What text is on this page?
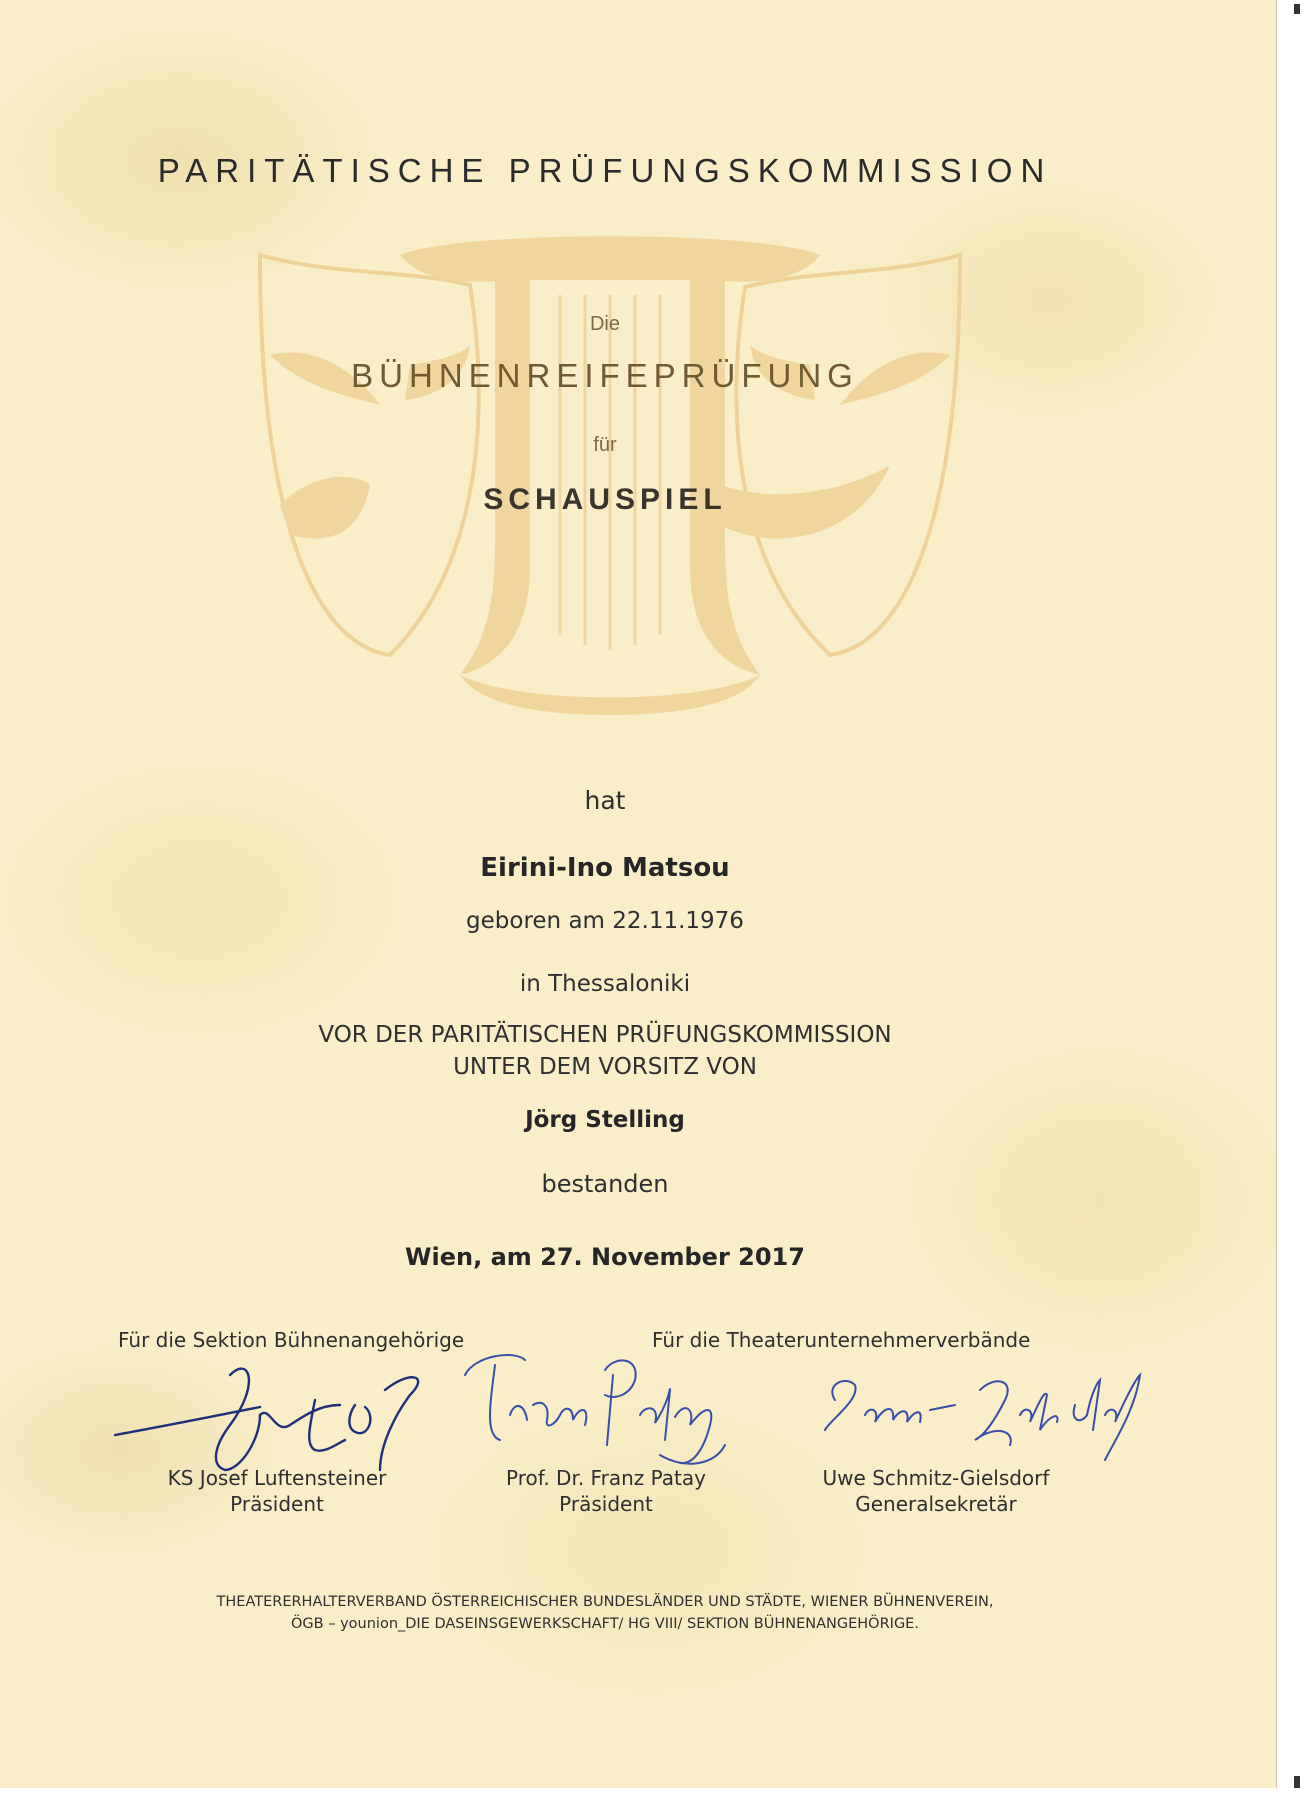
PARITÄTISCHE PRÜFUNGSKOMMISSION
Die
BÜHNENREIFEPRÜFUNG
für
SCHAUSPIEL
hat
Eirini-Ino Matsou
geboren am 22.11.1976
in Thessaloniki
VOR DER PARITÄTISCHEN PRÜFUNGSKOMMISSION
UNTER DEM VORSITZ VON
Jörg Stelling
bestanden
Wien, am 27. November 2017
Für die Sektion Bühnenangehörige	Für die Theaterunternehmerverbände
KS Josef Luftensteiner
Präsident
Prof. Dr. Franz Patay
Präsident
Uwe Schmitz-Gielsdorf
Generalsekretär
THEATERERHALTERVERBAND ÖSTERREICHISCHER BUNDESLÄNDER UND STÄDTE, WIENER BÜHNENVEREIN,
ÖGB – younion_DIE DASEINSGEWERKSCHAFT/ HG VIII/ SEKTION BÜHNENANGEHÖRIGE.
